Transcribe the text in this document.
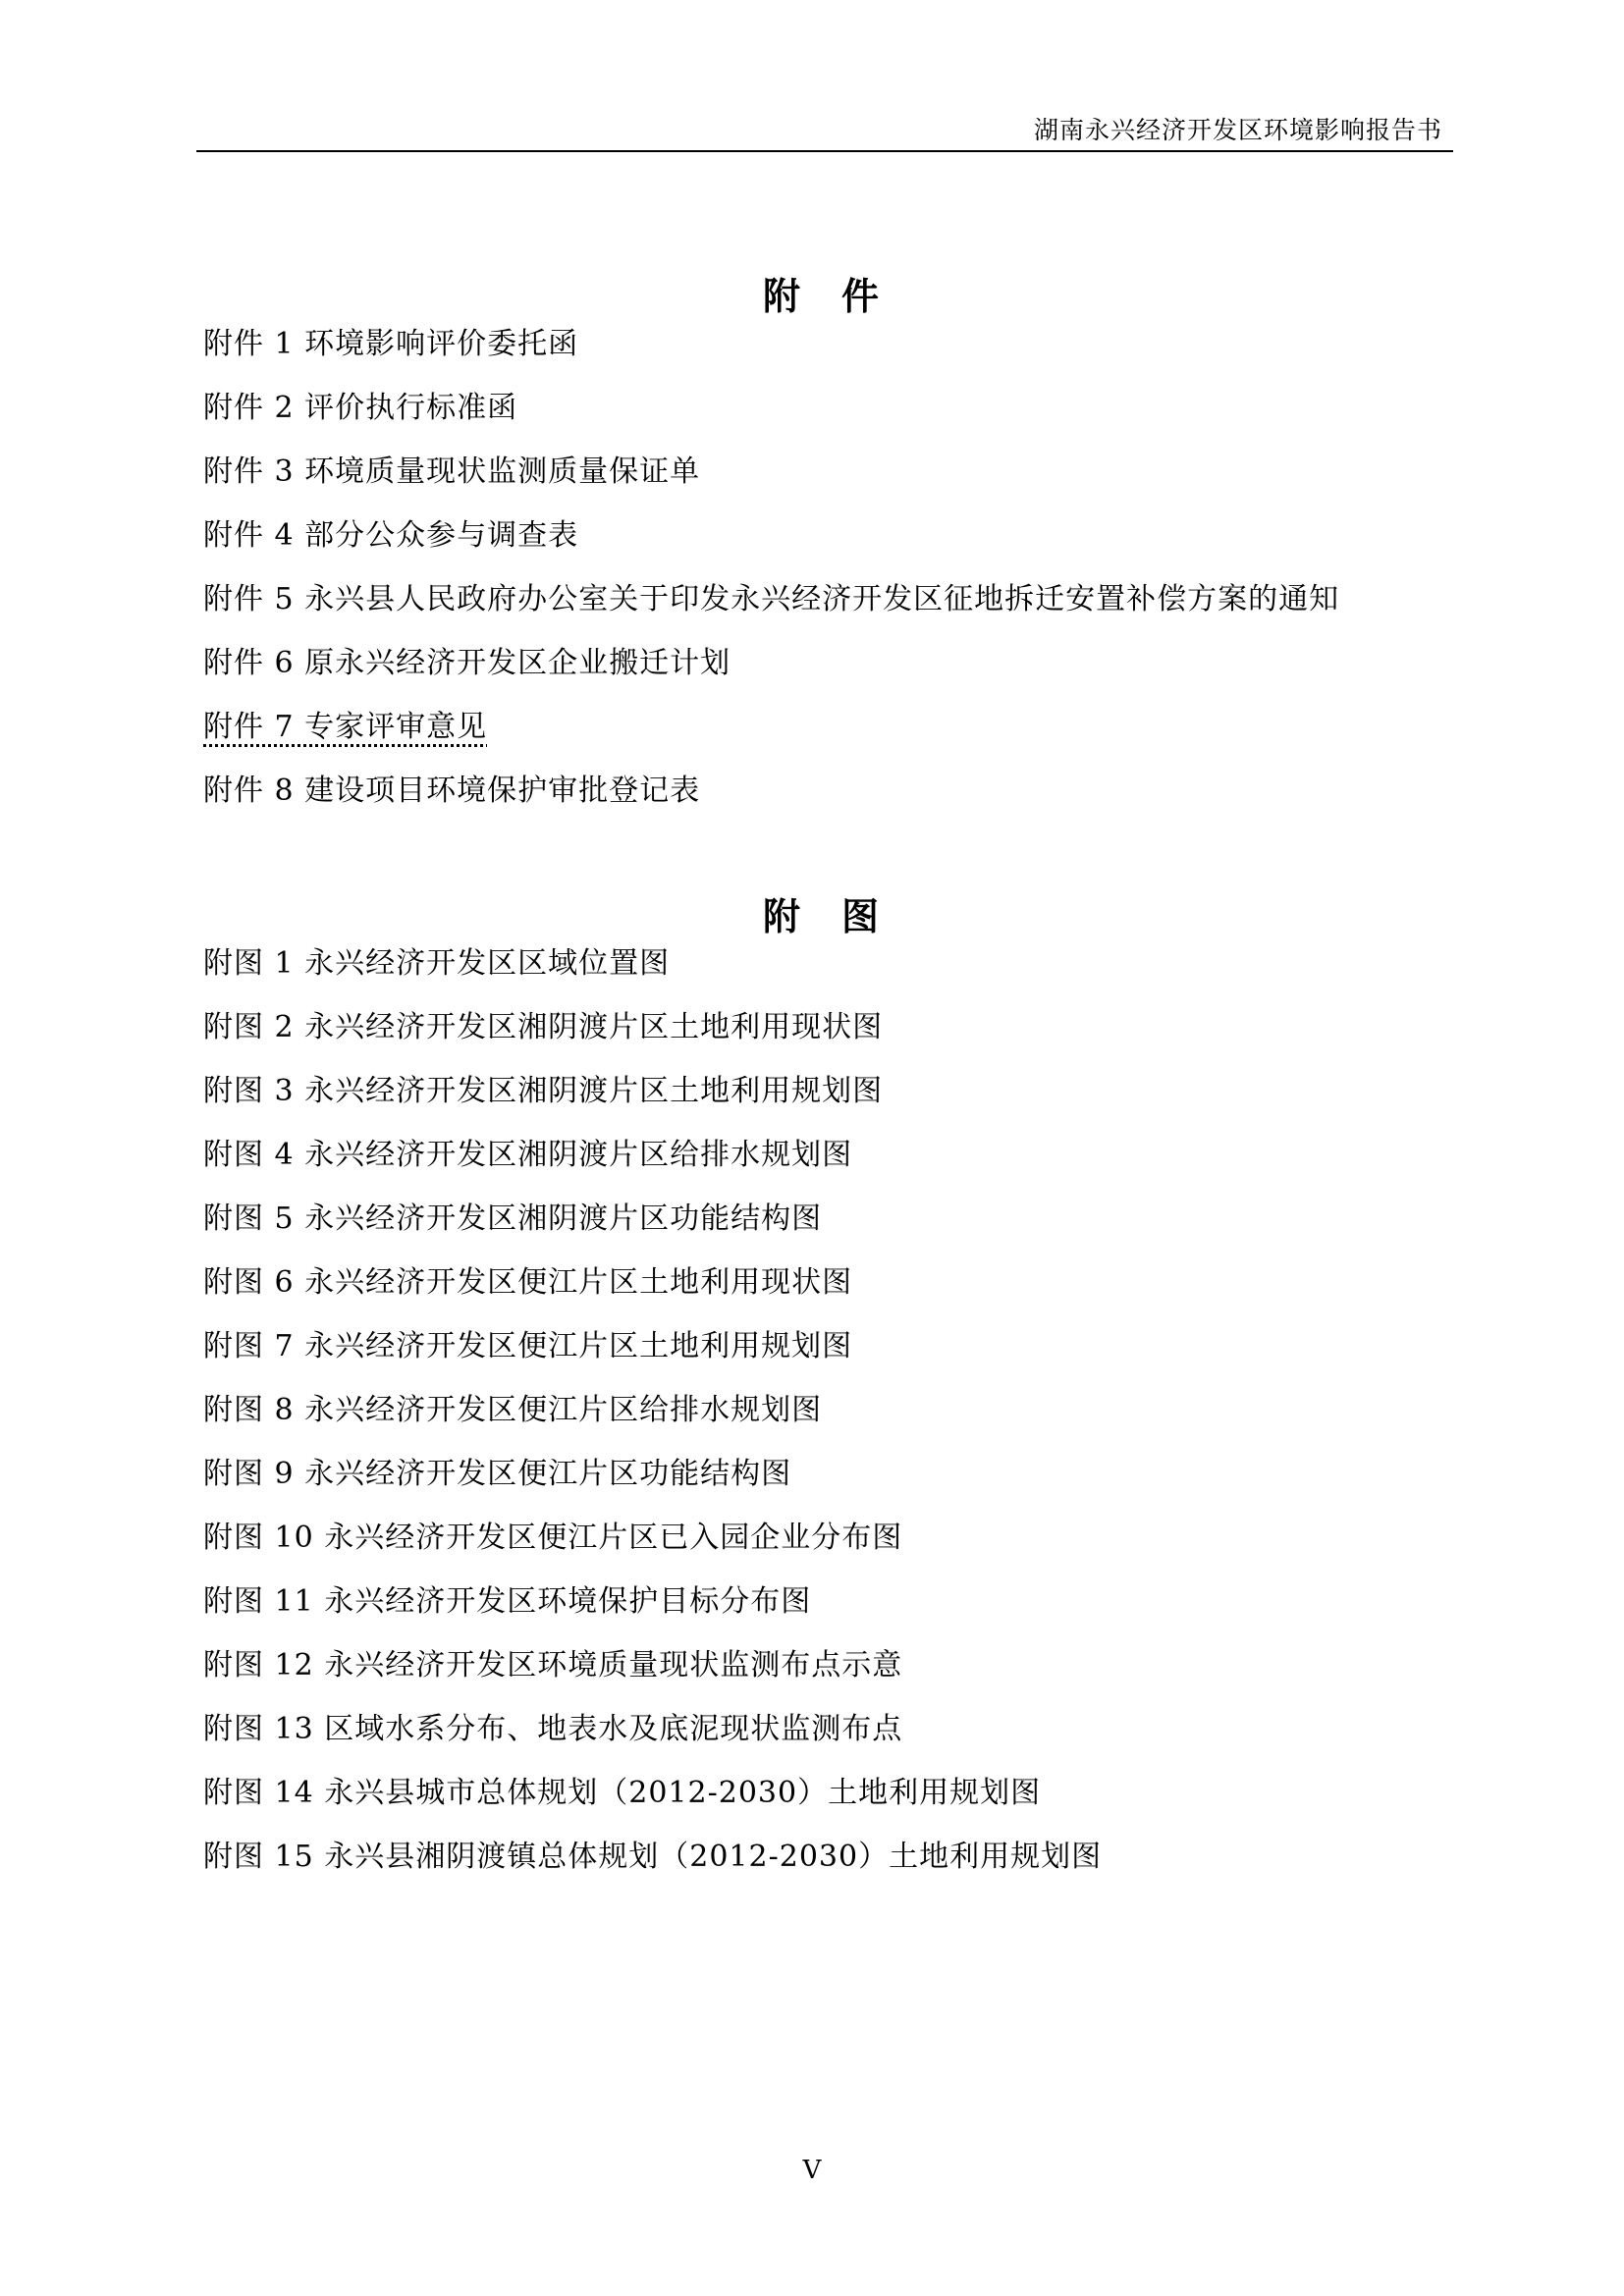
湖南永兴经济开发区环境影响报告书
附　件
附件 1 环境影响评价委托函
附件 2 评价执行标准函
附件 3 环境质量现状监测质量保证单
附件 4 部分公众参与调查表
附件 5 永兴县人民政府办公室关于印发永兴经济开发区征地拆迁安置补偿方案的通知
附件 6 原永兴经济开发区企业搬迁计划
附件 7 专家评审意见
附件 8 建设项目环境保护审批登记表
附　图
附图 1 永兴经济开发区区域位置图
附图 2 永兴经济开发区湘阴渡片区土地利用现状图
附图 3 永兴经济开发区湘阴渡片区土地利用规划图
附图 4 永兴经济开发区湘阴渡片区给排水规划图
附图 5 永兴经济开发区湘阴渡片区功能结构图
附图 6 永兴经济开发区便江片区土地利用现状图
附图 7 永兴经济开发区便江片区土地利用规划图
附图 8 永兴经济开发区便江片区给排水规划图
附图 9 永兴经济开发区便江片区功能结构图
附图 10 永兴经济开发区便江片区已入园企业分布图
附图 11 永兴经济开发区环境保护目标分布图
附图 12 永兴经济开发区环境质量现状监测布点示意
附图 13 区域水系分布、地表水及底泥现状监测布点
附图 14 永兴县城市总体规划（2012-2030）土地利用规划图
附图 15 永兴县湘阴渡镇总体规划（2012-2030）土地利用规划图
V
